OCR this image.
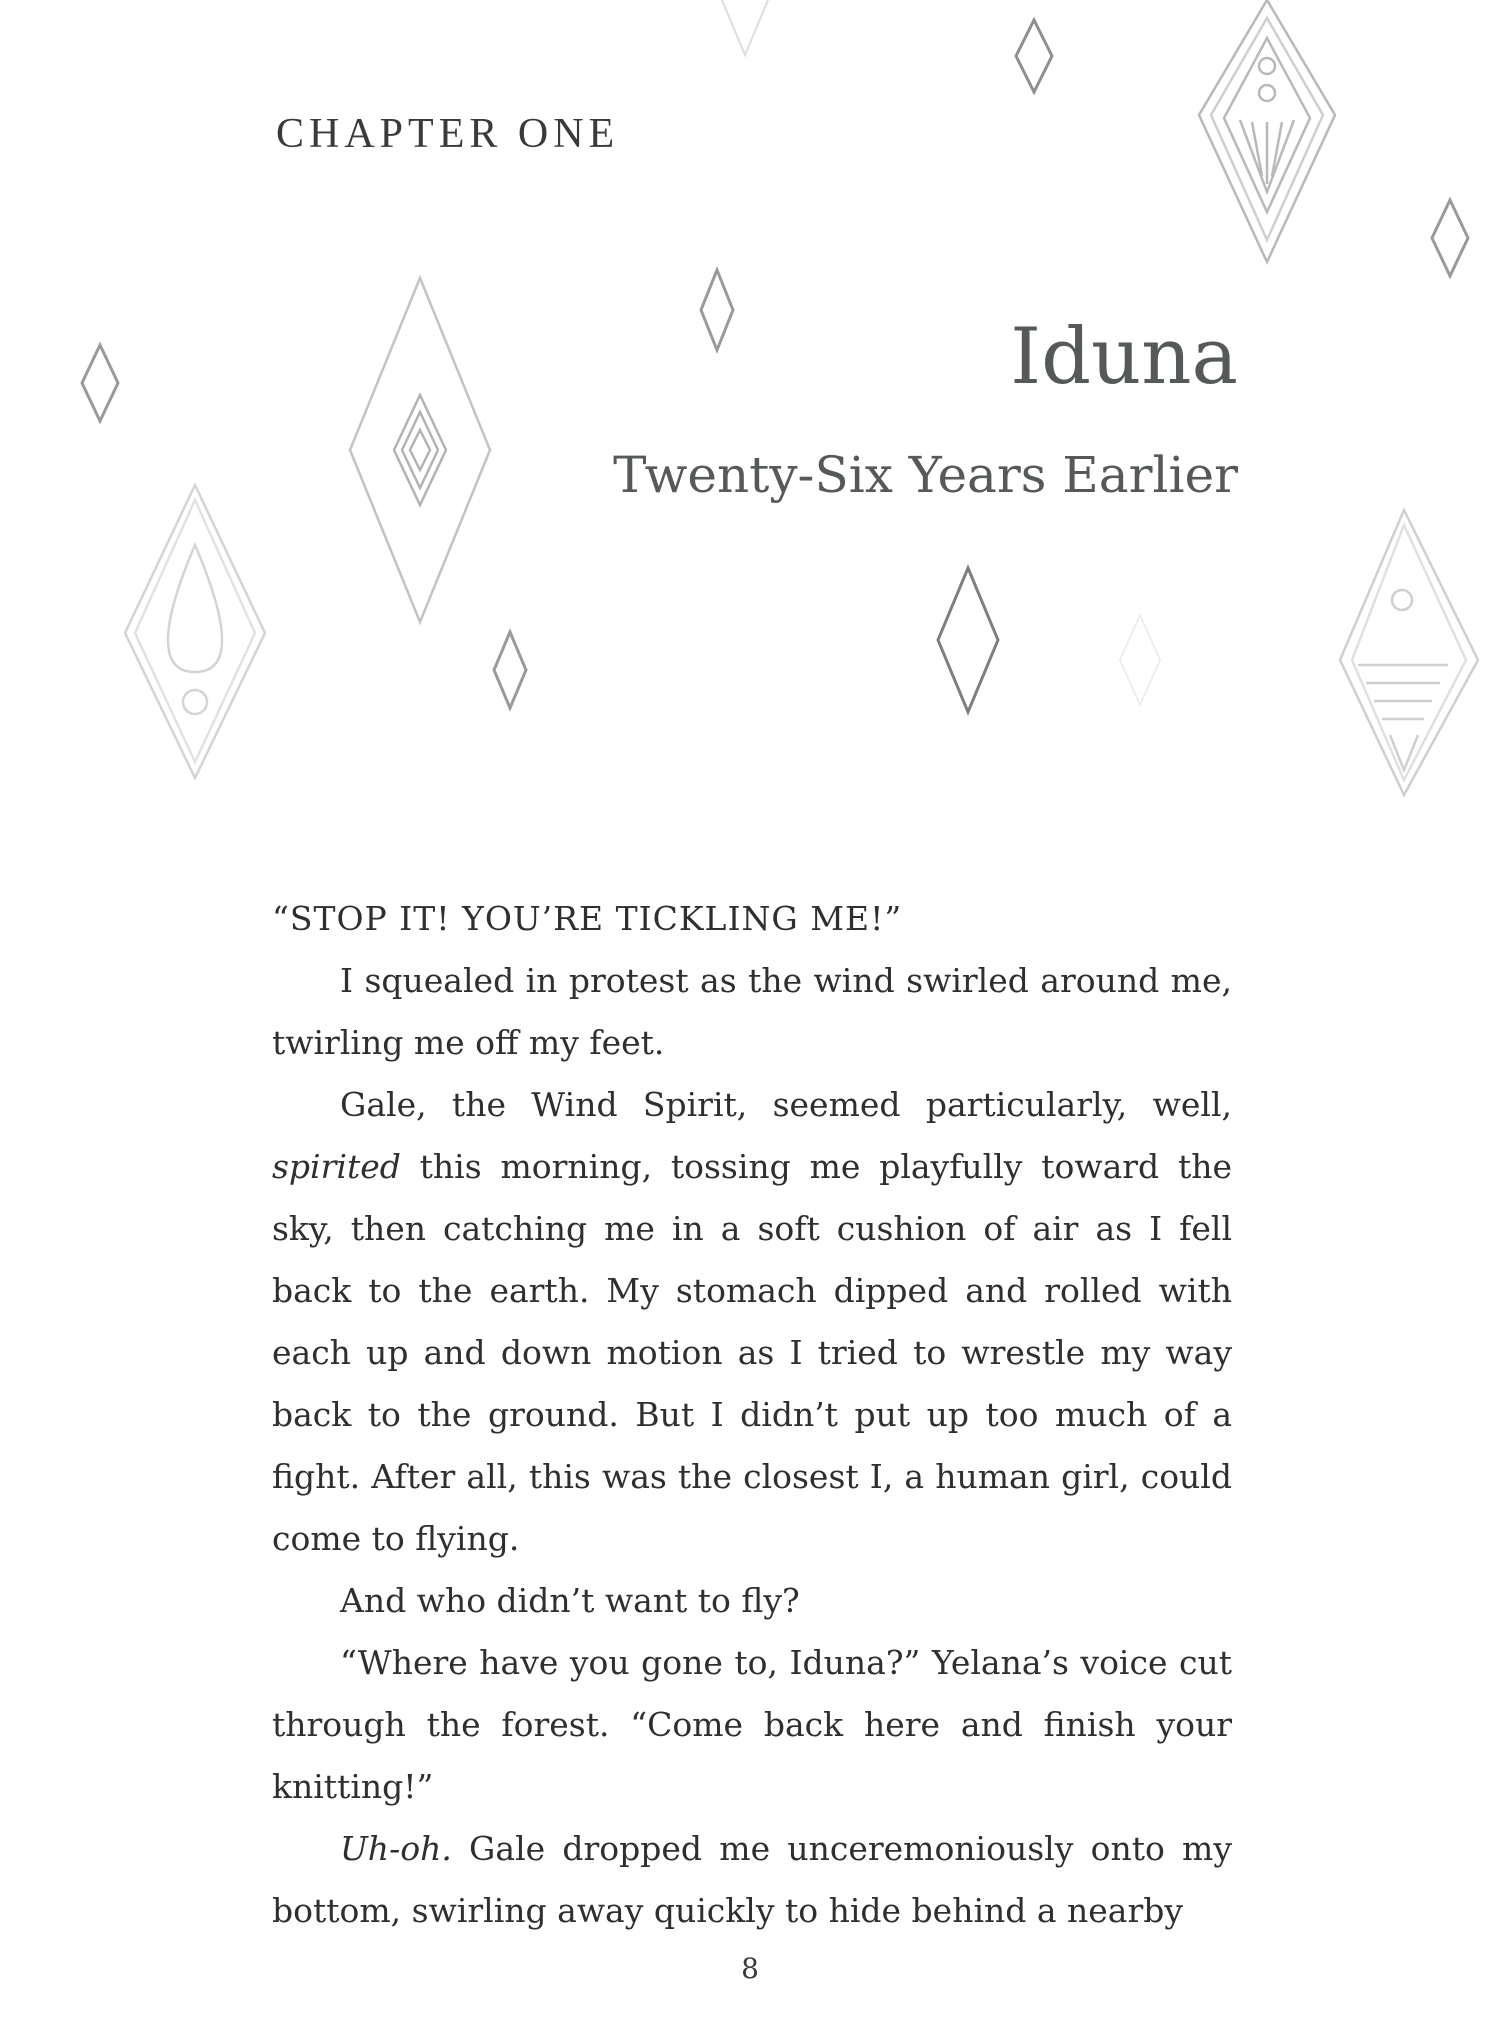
CHAPTER ONE
Iduna
Twenty-Six Years Earlier

“STOP IT! YOU’RE TICKLING ME!”

I squealed in protest as the wind swirled around me, twirling me off my feet.

Gale, the Wind Spirit, seemed particularly, well, spirited this morning, tossing me playfully toward the sky, then catching me in a soft cushion of air as I fell back to the earth. My stomach dipped and rolled with each up and down motion as I tried to wrestle my way back to the ground. But I didn’t put up too much of a fight. After all, this was the closest I, a human girl, could come to flying.

And who didn’t want to fly?

“Where have you gone to, Iduna?” Yelana’s voice cut through the forest. “Come back here and finish your knitting!”

Uh-oh. Gale dropped me unceremoniously onto my bottom, swirling away quickly to hide behind a nearby

8
